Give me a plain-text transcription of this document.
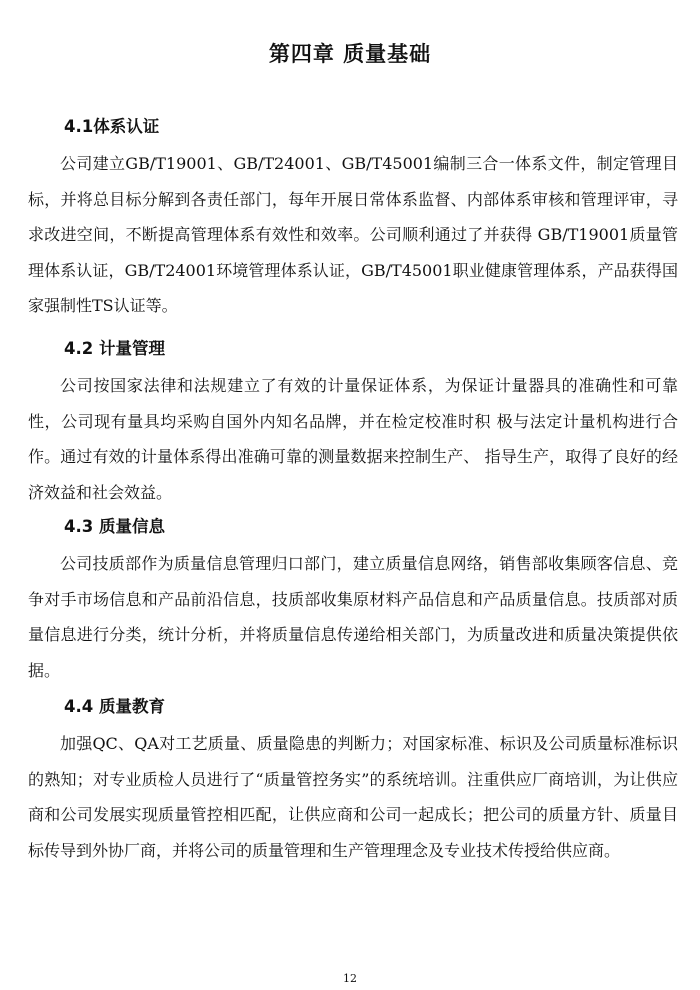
第四章 质量基础
4.1体系认证

公司建立GB/T19001、GB/T24001、GB/T45001编制三合一体系文件，制定管理目标，并将总目标分解到各责任部门，每年开展日常体系监督、内部体系审核和管理评审，寻求改进空间，不断提高管理体系有效性和效率。公司顺利通过了并获得 GB/T19001质量管理体系认证，GB/T24001环境管理体系认证，GB/T45001职业健康管理体系，产品获得国家强制性TS认证等。

4.2 计量管理

公司按国家法律和法规建立了有效的计量保证体系，为保证计量器具的准确性和可靠性，公司现有量具均采购自国外内知名品牌，并在检定校准时积 极与法定计量机构进行合作。通过有效的计量体系得出准确可靠的测量数据来控制生产、 指导生产，取得了良好的经济效益和社会效益。

4.3 质量信息

公司技质部作为质量信息管理归口部门，建立质量信息网络，销售部收集顾客信息、竞争对手市场信息和产品前沿信息，技质部收集原材料产品信息和产品质量信息。技质部对质量信息进行分类，统计分析，并将质量信息传递给相关部门，为质量改进和质量决策提供依据。

4.4 质量教育

加强QC、QA对工艺质量、质量隐患的判断力；对国家标准、标识及公司质量标准标识的熟知；对专业质检人员进行了“质量管控务实”的系统培训。注重供应厂商培训，为让供应商和公司发展实现质量管控相匹配，让供应商和公司一起成长；把公司的质量方针、质量目标传导到外协厂商，并将公司的质量管理和生产管理理念及专业技术传授给供应商。

12
